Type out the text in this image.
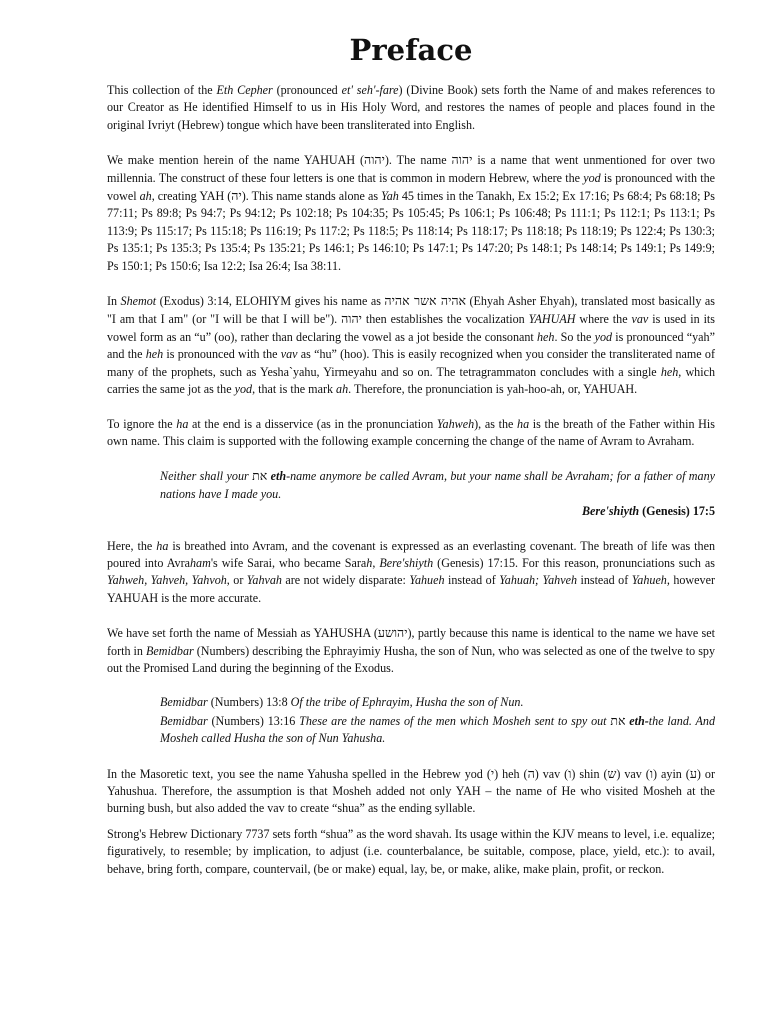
Preface

This collection of the Eth Cepher (pronounced et' seh'-fare) (Divine Book) sets forth the Name of and makes references to our Creator as He identified Himself to us in His Holy Word, and restores the names of people and places found in the original Ivriyt (Hebrew) tongue which have been transliterated into English.

We make mention herein of the name YAHUAH (יהוה). The name יהוה is a name that went unmentioned for over two millennia. The construct of these four letters is one that is common in modern Hebrew, where the yod is pronounced with the vowel ah, creating YAH (יה). This name stands alone as Yah 45 times in the Tanakh, Ex 15:2; Ex 17:16; Ps 68:4; Ps 68:18; Ps 77:11; Ps 89:8; Ps 94:7; Ps 94:12; Ps 102:18; Ps 104:35; Ps 105:45; Ps 106:1; Ps 106:48; Ps 111:1; Ps 112:1; Ps 113:1; Ps 113:9; Ps 115:17; Ps 115:18; Ps 116:19; Ps 117:2; Ps 118:5; Ps 118:14; Ps 118:17; Ps 118:18; Ps 118:19; Ps 122:4; Ps 130:3; Ps 135:1; Ps 135:3; Ps 135:4; Ps 135:21; Ps 146:1; Ps 146:10; Ps 147:1; Ps 147:20; Ps 148:1; Ps 148:14; Ps 149:1; Ps 149:9; Ps 150:1; Ps 150:6; Isa 12:2; Isa 26:4; Isa 38:11.

In Shemot (Exodus) 3:14, ELOHIYM gives his name as אהיה אשר אהיה (Ehyah Asher Ehyah), translated most basically as "I am that I am" (or "I will be that I will be"). יהוה then establishes the vocalization YAHUAH where the vav is used in its vowel form as an “u” (oo), rather than declaring the vowel as a jot beside the consonant heh. So the yod is pronounced “yah” and the heh is pronounced with the vav as “hu” (hoo). This is easily recognized when you consider the transliterated name of many of the prophets, such as Yesha`yahu, Yirmeyahu and so on. The tetragrammaton concludes with a single heh, which carries the same jot as the yod, that is the mark ah. Therefore, the pronunciation is yah-hoo-ah, or, YAHUAH.

To ignore the ha at the end is a disservice (as in the pronunciation Yahweh), as the ha is the breath of the Father within His own name. This claim is supported with the following example concerning the change of the name of Avram to Avraham.

Neither shall your את eth-name anymore be called Avram, but your name shall be Avraham; for a father of many nations have I made you.

Bere'shiyth (Genesis) 17:5

Here, the ha is breathed into Avram, and the covenant is expressed as an everlasting covenant. The breath of life was then poured into Avraham's wife Sarai, who became Sarah, Bere'shiyth (Genesis) 17:15. For this reason, pronunciations such as Yahweh, Yahveh, Yahvoh, or Yahvah are not widely disparate: Yahueh instead of Yahuah; Yahveh instead of Yahueh, however YAHUAH is the more accurate.

We have set forth the name of Messiah as YAHUSHA (יהושע), partly because this name is identical to the name we have set forth in Bemidbar (Numbers) describing the Ephrayimiy Husha, the son of Nun, who was selected as one of the twelve to spy out the Promised Land during the beginning of the Exodus.

Bemidbar (Numbers) 13:8 Of the tribe of Ephrayim, Husha the son of Nun.

Bemidbar (Numbers) 13:16 These are the names of the men which Mosheh sent to spy out את eth-the land. And Mosheh called Husha the son of Nun Yahusha.

In the Masoretic text, you see the name Yahusha spelled in the Hebrew yod (י) heh (ה) vav (ו) shin (ש) vav (ו) ayin (ע) or Yahushua. Therefore, the assumption is that Mosheh added not only YAH – the name of He who visited Mosheh at the burning bush, but also added the vav to create “shua” as the ending syllable.

Strong's Hebrew Dictionary 7737 sets forth “shua” as the word shavah. Its usage within the KJV means to level, i.e. equalize; figuratively, to resemble; by implication, to adjust (i.e. counterbalance, be suitable, compose, place, yield, etc.): to avail, behave, bring forth, compare, countervail, (be or make) equal, lay, be, or make, alike, make plain, profit, or reckon.
